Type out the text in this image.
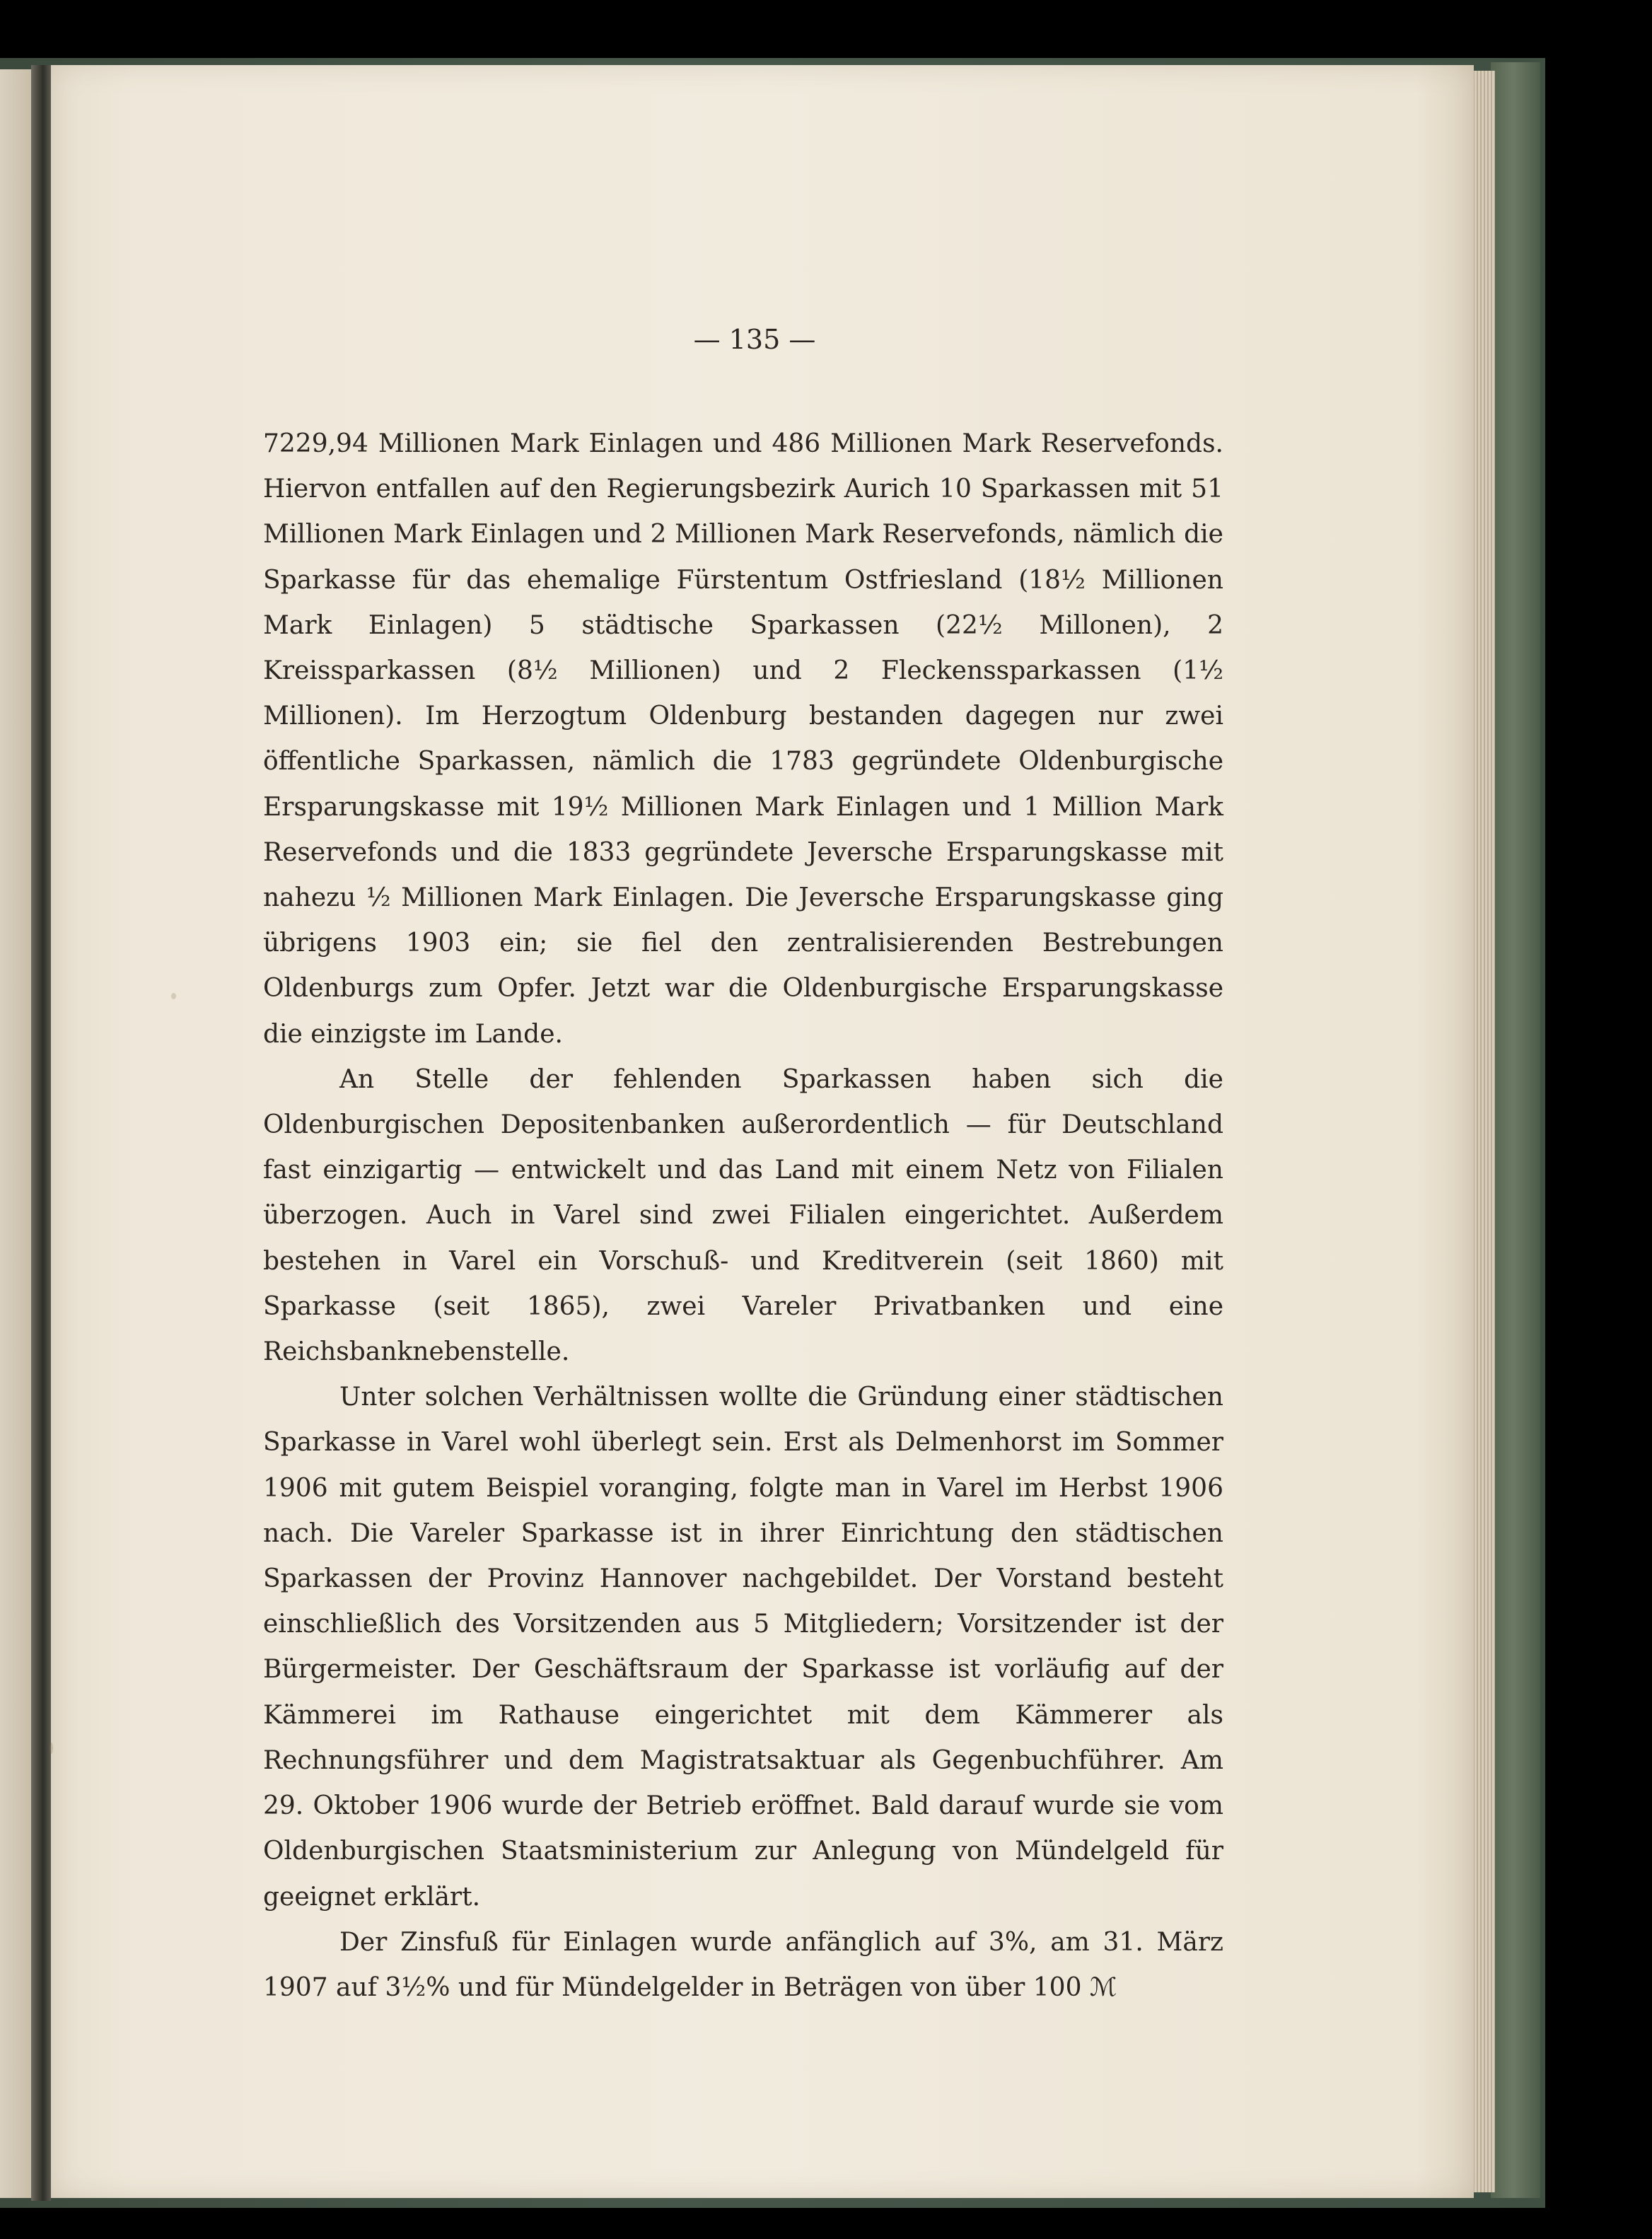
— 135 —

7229,94 Millionen Mark Einlagen und 486 Millionen Mark Reservefonds. Hiervon entfallen auf den Regierungsbezirk Aurich 10 Sparkassen mit 51 Millionen Mark Einlagen und 2 Millionen Mark Reservefonds, nämlich die Sparkasse für das ehemalige Fürstentum Ostfriesland (18½ Millionen Mark Einlagen) 5 städtische Sparkassen (22½ Millonen), 2 Kreissparkassen (8½ Millionen) und 2 Fleckenssparkassen (1½ Millionen). Im Herzogtum Oldenburg bestanden dagegen nur zwei öffentliche Sparkassen, nämlich die 1783 gegründete Oldenburgische Ersparungskasse mit 19½ Millionen Mark Einlagen und 1 Million Mark Reservefonds und die 1833 gegründete Jeversche Ersparungskasse mit nahezu ½ Millionen Mark Einlagen. Die Jeversche Ersparungskasse ging übrigens 1903 ein; sie fiel den zentralisierenden Bestrebungen Oldenburgs zum Opfer. Jetzt war die Oldenburgische Ersparungskasse die einzigste im Lande.

An Stelle der fehlenden Sparkassen haben sich die Oldenburgischen Depositenbanken außerordentlich — für Deutschland fast einzigartig — entwickelt und das Land mit einem Netz von Filialen überzogen. Auch in Varel sind zwei Filialen eingerichtet. Außerdem bestehen in Varel ein Vorschuß- und Kreditverein (seit 1860) mit Sparkasse (seit 1865), zwei Vareler Privatbanken und eine Reichsbanknebenstelle.

Unter solchen Verhältnissen wollte die Gründung einer städtischen Sparkasse in Varel wohl überlegt sein. Erst als Delmenhorst im Sommer 1906 mit gutem Beispiel voranging, folgte man in Varel im Herbst 1906 nach. Die Vareler Sparkasse ist in ihrer Einrichtung den städtischen Sparkassen der Provinz Hannover nachgebildet. Der Vorstand besteht einschließlich des Vorsitzenden aus 5 Mitgliedern; Vorsitzender ist der Bürgermeister. Der Geschäftsraum der Sparkasse ist vorläufig auf der Kämmerei im Rathause eingerichtet mit dem Kämmerer als Rechnungsführer und dem Magistratsaktuar als Gegenbuchführer. Am 29. Oktober 1906 wurde der Betrieb eröffnet. Bald darauf wurde sie vom Oldenburgischen Staatsministerium zur Anlegung von Mündelgeld für geeignet erklärt.

Der Zinsfuß für Einlagen wurde anfänglich auf 3%, am 31. März 1907 auf 3½% und für Mündelgelder in Beträgen von über 100 ℳ
